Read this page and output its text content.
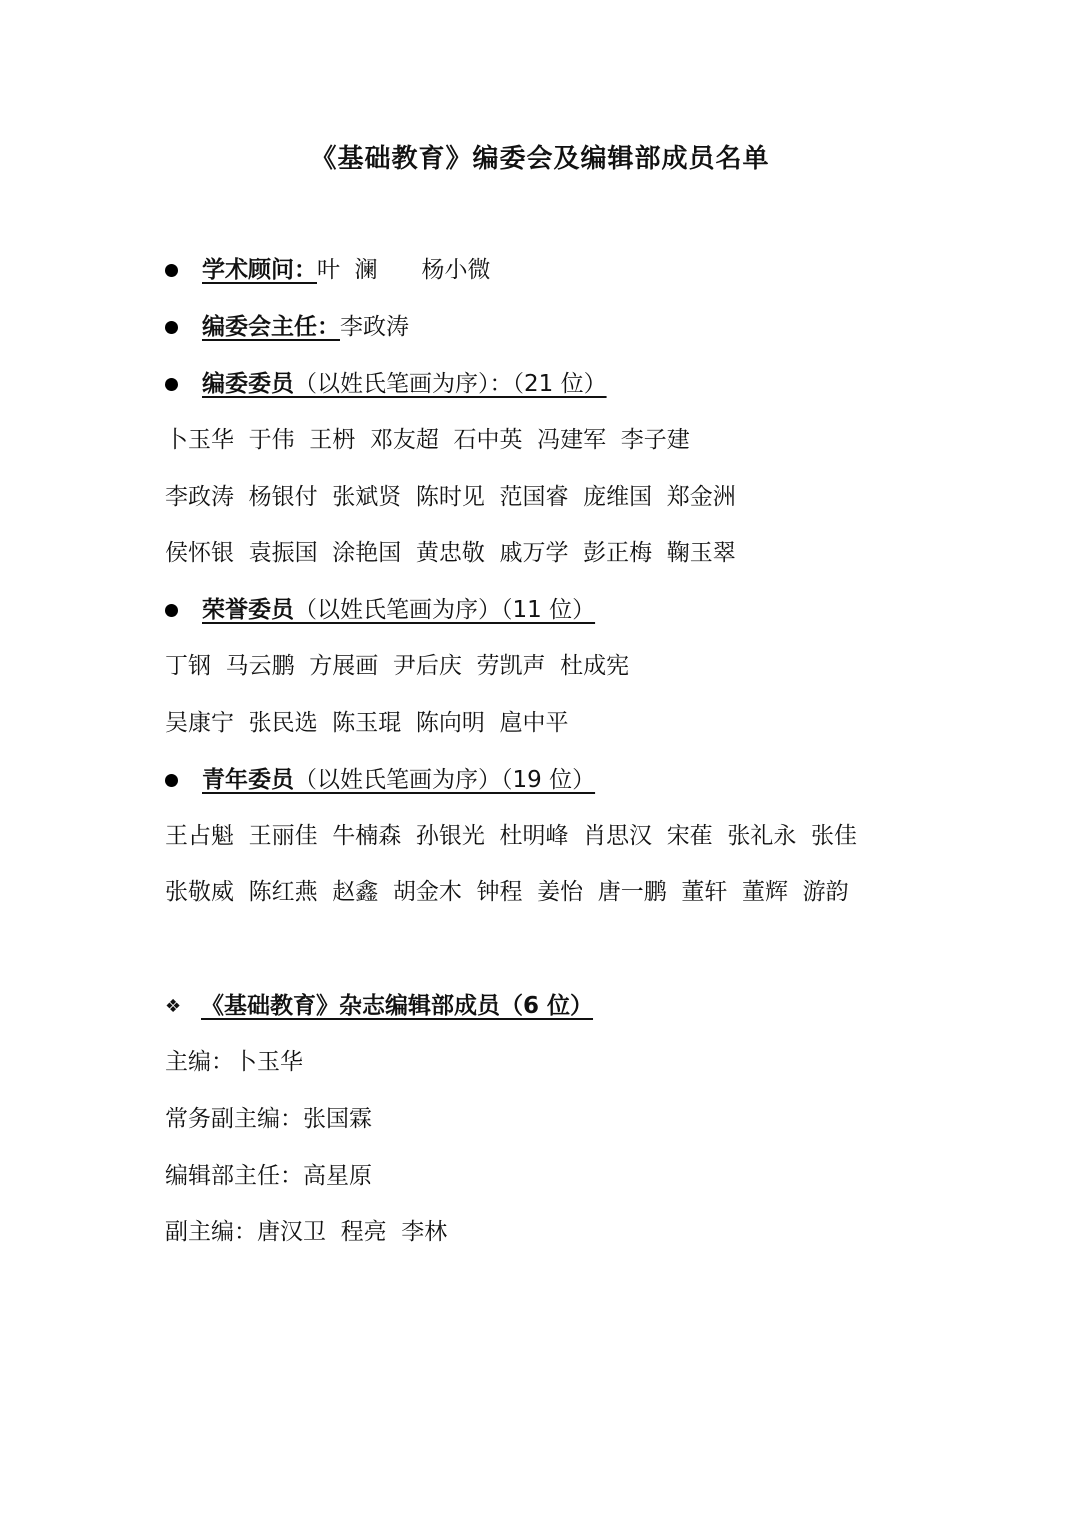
《基础教育》编委会及编辑部成员名单
学术顾问：叶  澜      杨小微
编委会主任：李政涛
编委委员（以姓氏笔画为序）：（21 位）
卜玉华  于伟  王枬  邓友超  石中英  冯建军  李子建
李政涛  杨银付  张斌贤  陈时见  范国睿  庞维国  郑金洲
侯怀银  袁振国  涂艳国  黄忠敬  戚万学  彭正梅  鞠玉翠
荣誉委员（以姓氏笔画为序）（11 位）
丁钢  马云鹏  方展画  尹后庆  劳凯声  杜成宪
吴康宁  张民选  陈玉琨  陈向明  扈中平
青年委员（以姓氏笔画为序）（19 位）
王占魁  王丽佳  牛楠森  孙银光  杜明峰  肖思汉  宋萑  张礼永  张佳
张敬威  陈红燕  赵鑫  胡金木  钟程  姜怡  唐一鹏  董轩  董辉  游韵
❖ 《基础教育》杂志编辑部成员（6 位）
主编：卜玉华
常务副主编：张国霖
编辑部主任：高星原
副主编：唐汉卫  程亮  李林
